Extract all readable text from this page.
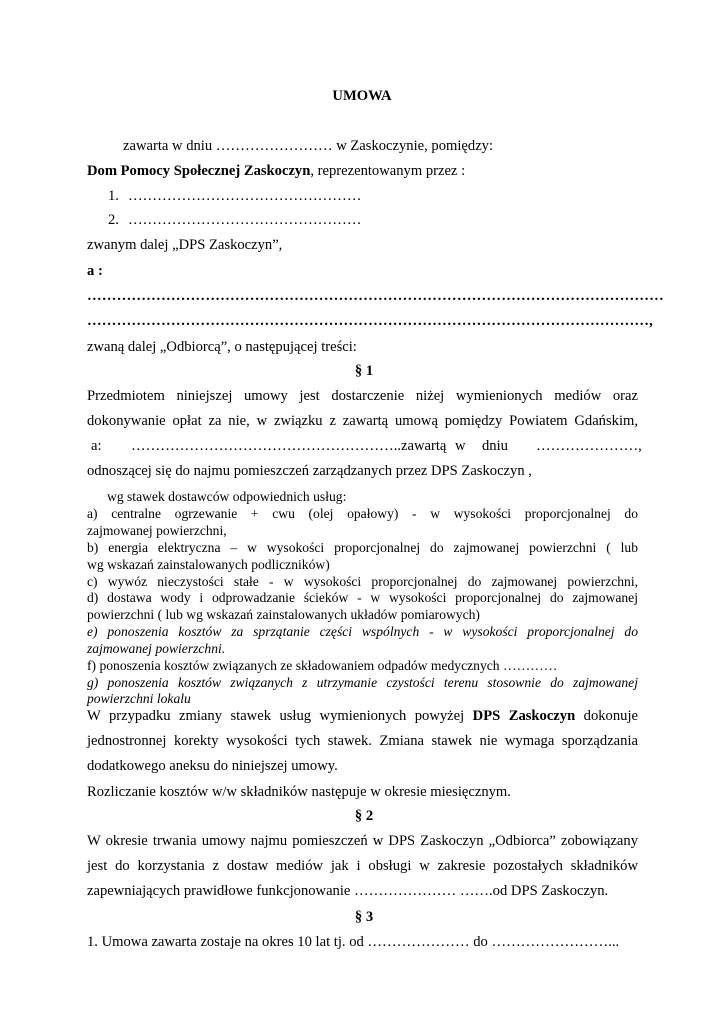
UMOWA
zawarta w dniu …………………… w Zaskoczynie, pomiędzy:
Dom Pomocy Społecznej Zaskoczyn, reprezentowanym przez :
1. …………………………………………
2. …………………………………………
zwanym dalej „DPS Zaskoczyn”,
a :
………………………………………………………………………………………………………
……………………………………………………………………………………………………,
zwaną dalej „Odbiorcą”, o następującej treści:
§ 1
Przedmiotem niniejszej umowy jest dostarczenie niżej wymienionych mediów oraz
dokonywanie opłat za nie, w związku z zawartą umową pomiędzy Powiatem Gdańskim,
a: ………………………………………………..zawartą w dniu …………………,
odnoszącej się do najmu pomieszczeń zarządzanych przez DPS Zaskoczyn ,
wg stawek dostawców odpowiednich usług:
a) centralne ogrzewanie + cwu (olej opałowy) - w wysokości proporcjonalnej do
zajmowanej powierzchni,
b) energia elektryczna – w wysokości proporcjonalnej do zajmowanej powierzchni ( lub
wg wskazań zainstalowanych podliczników)
c) wywóz nieczystości stałe - w wysokości proporcjonalnej do zajmowanej powierzchni,
d) dostawa wody i odprowadzanie ścieków - w wysokości proporcjonalnej do zajmowanej
powierzchni ( lub wg wskazań zainstalowanych układów pomiarowych)
e) ponoszenia kosztów za sprzątanie części wspólnych - w wysokości proporcjonalnej do
zajmowanej powierzchni.
f) ponoszenia kosztów związanych ze składowaniem odpadów medycznych …………
g) ponoszenia kosztów związanych z utrzymanie czystości terenu stosownie do zajmowanej
powierzchni lokalu
W przypadku zmiany stawek usług wymienionych powyżej DPS Zaskoczyn dokonuje
jednostronnej korekty wysokości tych stawek. Zmiana stawek nie wymaga sporządzania
dodatkowego aneksu do niniejszej umowy.
Rozliczanie kosztów w/w składników następuje w okresie miesięcznym.
§ 2
W okresie trwania umowy najmu pomieszczeń w DPS Zaskoczyn „Odbiorca” zobowiązany
jest do korzystania z dostaw mediów jak i obsługi w zakresie pozostałych składników
zapewniających prawidłowe funkcjonowanie ………………… …….od DPS Zaskoczyn.
§ 3
1. Umowa zawarta zostaje na okres 10 lat tj. od ………………… do ……………………...
